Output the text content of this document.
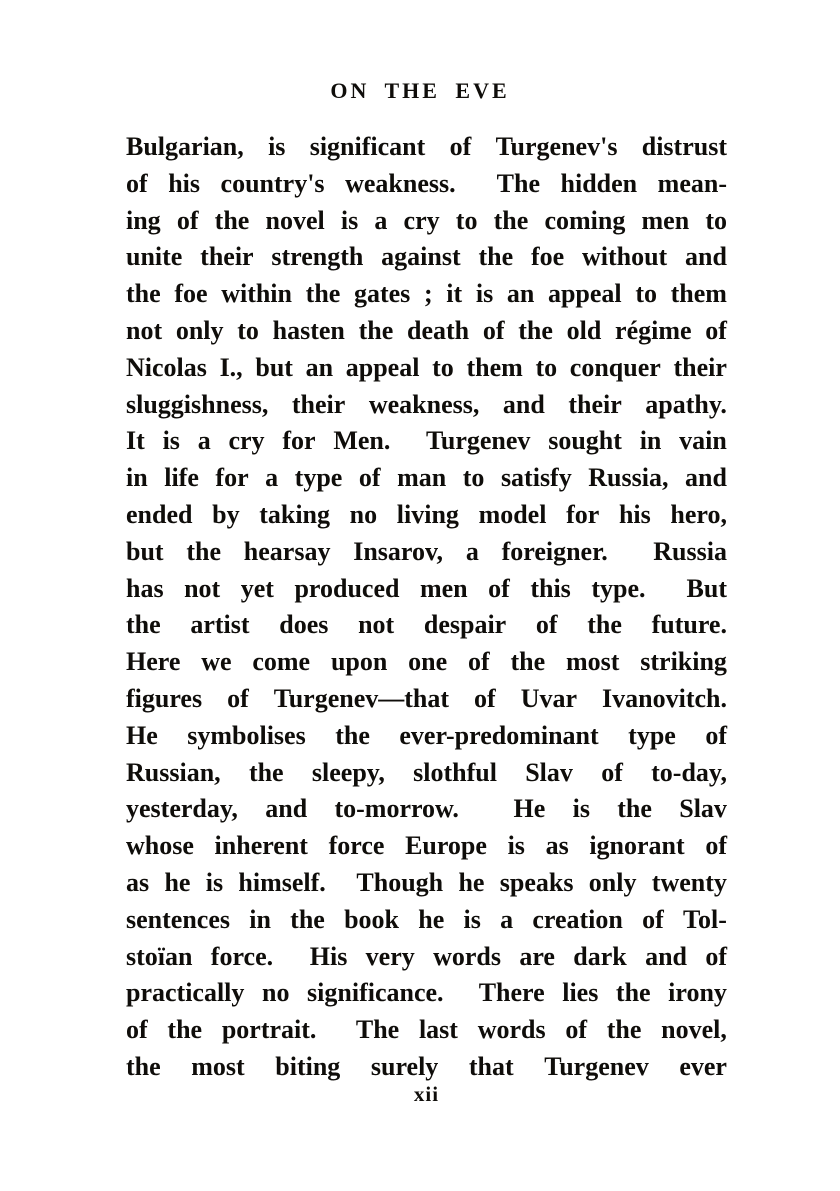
ON THE EVE
Bulgarian, is significant of Turgenev's distrust
of his country's weakness. The hidden mean-
ing of the novel is a cry to the coming men to
unite their strength against the foe without and
the foe within the gates ; it is an appeal to them
not only to hasten the death of the old régime of
Nicolas I., but an appeal to them to conquer their
sluggishness, their weakness, and their apathy.
It is a cry for Men. Turgenev sought in vain
in life for a type of man to satisfy Russia, and
ended by taking no living model for his hero,
but the hearsay Insarov, a foreigner. Russia
has not yet produced men of this type. But
the artist does not despair of the future.
Here we come upon one of the most striking
figures of Turgenev—that of Uvar Ivanovitch.
He symbolises the ever-predominant type of
Russian, the sleepy, slothful Slav of to-day,
yesterday, and to-morrow. He is the Slav
whose inherent force Europe is as ignorant of
as he is himself. Though he speaks only twenty
sentences in the book he is a creation of Tol-
stoïan force. His very words are dark and of
practically no significance. There lies the irony
of the portrait. The last words of the novel,
the most biting surely that Turgenev ever
xii
